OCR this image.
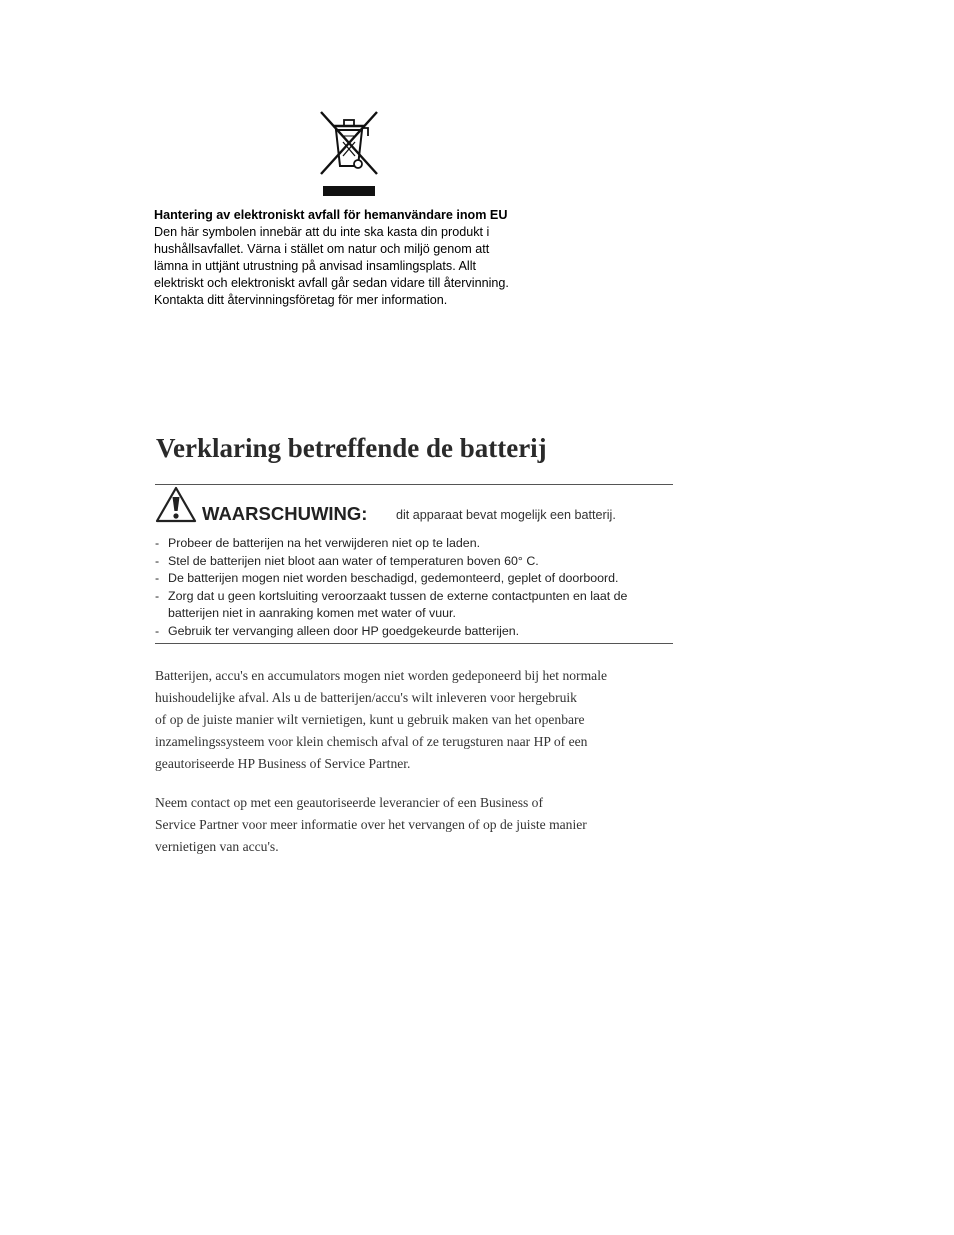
Hantering av elektroniskt avfall för hemanvändare inom EU
Den här symbolen innebär att du inte ska kasta din produkt i
hushållsavfallet. Värna i stället om natur och miljö genom att
lämna in uttjänt utrustning på anvisad insamlingsplats. Allt
elektriskt och elektroniskt avfall går sedan vidare till återvinning.
Kontakta ditt återvinningsföretag för mer information.
Verklaring betreffende de batterij
WAARSCHUWING: dit apparaat bevat mogelijk een batterij.
- Probeer de batterijen na het verwijderen niet op te laden.
- Stel de batterijen niet bloot aan water of temperaturen boven 60° C.
- De batterijen mogen niet worden beschadigd, gedemonteerd, geplet of doorboord.
- Zorg dat u geen kortsluiting veroorzaakt tussen de externe contactpunten en laat de
batterijen niet in aanraking komen met water of vuur.
- Gebruik ter vervanging alleen door HP goedgekeurde batterijen.
Batterijen, accu's en accumulators mogen niet worden gedeponeerd bij het normale
huishoudelijke afval. Als u de batterijen/accu's wilt inleveren voor hergebruik
of op de juiste manier wilt vernietigen, kunt u gebruik maken van het openbare
inzamelingssysteem voor klein chemisch afval of ze terugsturen naar HP of een
geautoriseerde HP Business of Service Partner.
Neem contact op met een geautoriseerde leverancier of een Business of
Service Partner voor meer informatie over het vervangen of op de juiste manier
vernietigen van accu's.
